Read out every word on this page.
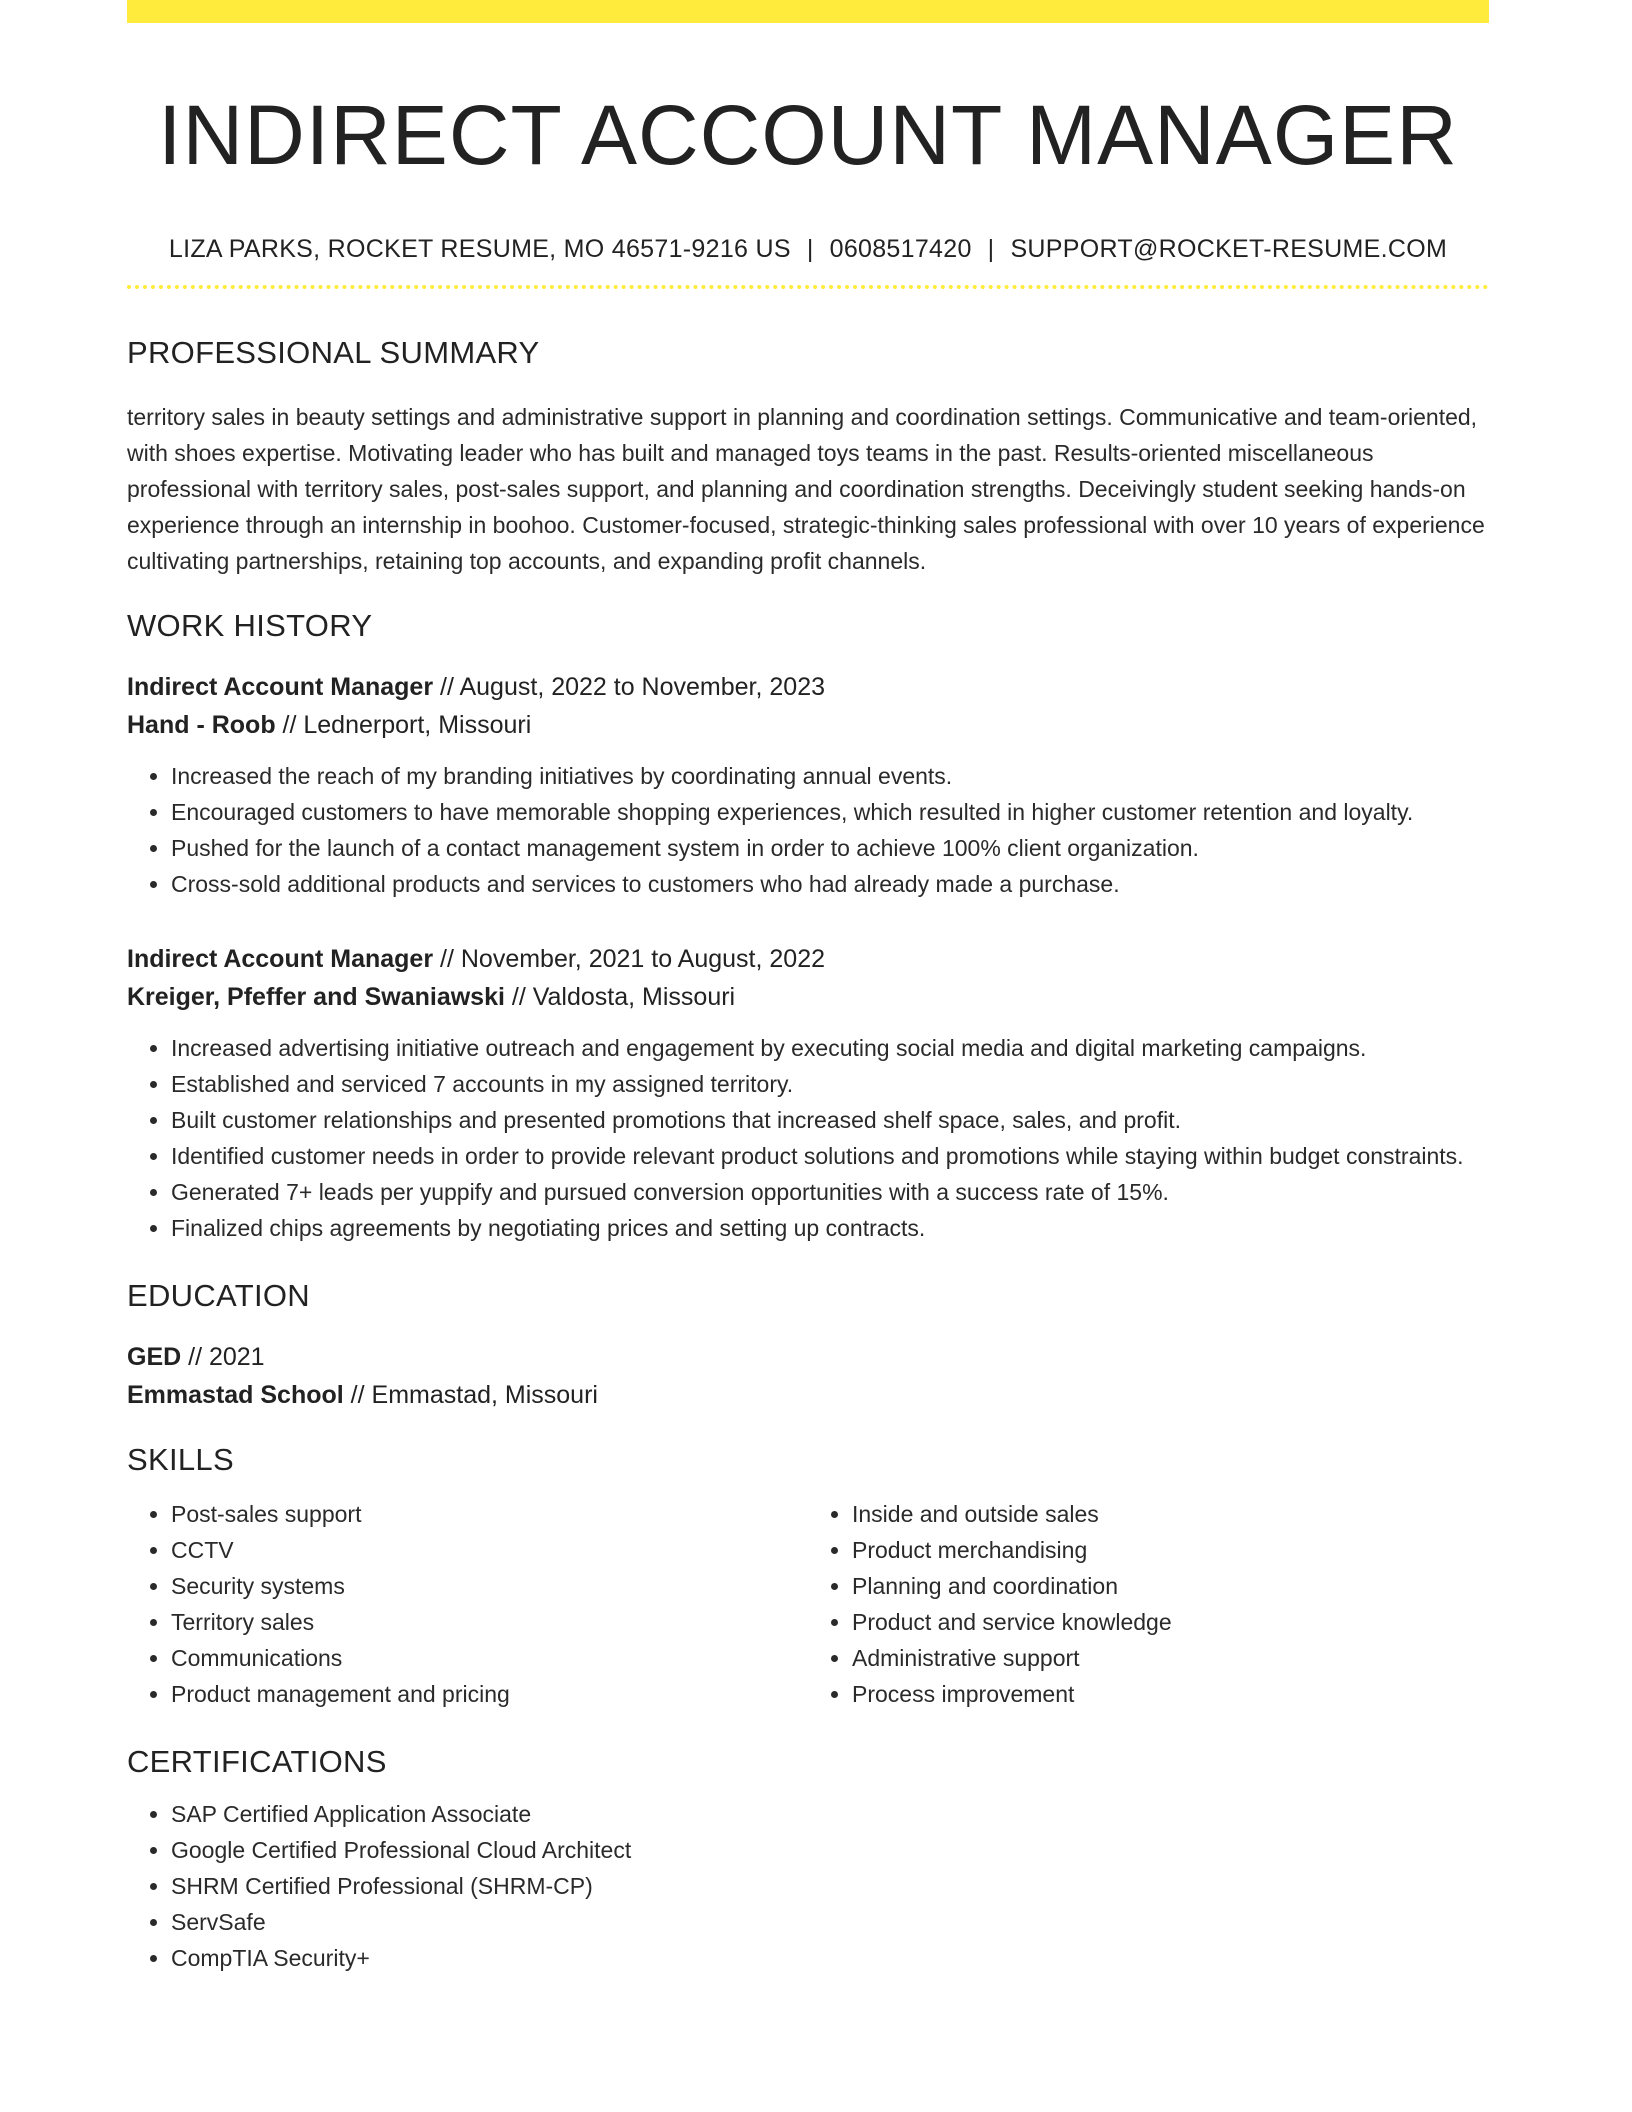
INDIRECT ACCOUNT MANAGER
LIZA PARKS, ROCKET RESUME, MO 46571-9216 US | 0608517420 | SUPPORT@ROCKET-RESUME.COM
PROFESSIONAL SUMMARY

territory sales in beauty settings and administrative support in planning and coordination settings. Communicative and team-oriented, with shoes expertise. Motivating leader who has built and managed toys teams in the past. Results-oriented miscellaneous professional with territory sales, post-sales support, and planning and coordination strengths. Deceivingly student seeking hands-on experience through an internship in boohoo. Customer-focused, strategic-thinking sales professional with over 10 years of experience cultivating partnerships, retaining top accounts, and expanding profit channels.

WORK HISTORY
Indirect Account Manager // August, 2022 to November, 2023
Hand - Roob // Lednerport, Missouri
• Increased the reach of my branding initiatives by coordinating annual events.
• Encouraged customers to have memorable shopping experiences, which resulted in higher customer retention and loyalty.
• Pushed for the launch of a contact management system in order to achieve 100% client organization.
• Cross-sold additional products and services to customers who had already made a purchase.
Indirect Account Manager // November, 2021 to August, 2022
Kreiger, Pfeffer and Swaniawski // Valdosta, Missouri
• Increased advertising initiative outreach and engagement by executing social media and digital marketing campaigns.
• Established and serviced 7 accounts in my assigned territory.
• Built customer relationships and presented promotions that increased shelf space, sales, and profit.
• Identified customer needs in order to provide relevant product solutions and promotions while staying within budget constraints.
• Generated 7+ leads per yuppify and pursued conversion opportunities with a success rate of 15%.
• Finalized chips agreements by negotiating prices and setting up contracts.
EDUCATION
GED // 2021
Emmastad School // Emmastad, Missouri
SKILLS
• Post-sales support
• CCTV
• Security systems
• Territory sales
• Communications
• Product management and pricing
• Inside and outside sales
• Product merchandising
• Planning and coordination
• Product and service knowledge
• Administrative support
• Process improvement
CERTIFICATIONS
• SAP Certified Application Associate
• Google Certified Professional Cloud Architect
• SHRM Certified Professional (SHRM-CP)
• ServSafe
• CompTIA Security+
